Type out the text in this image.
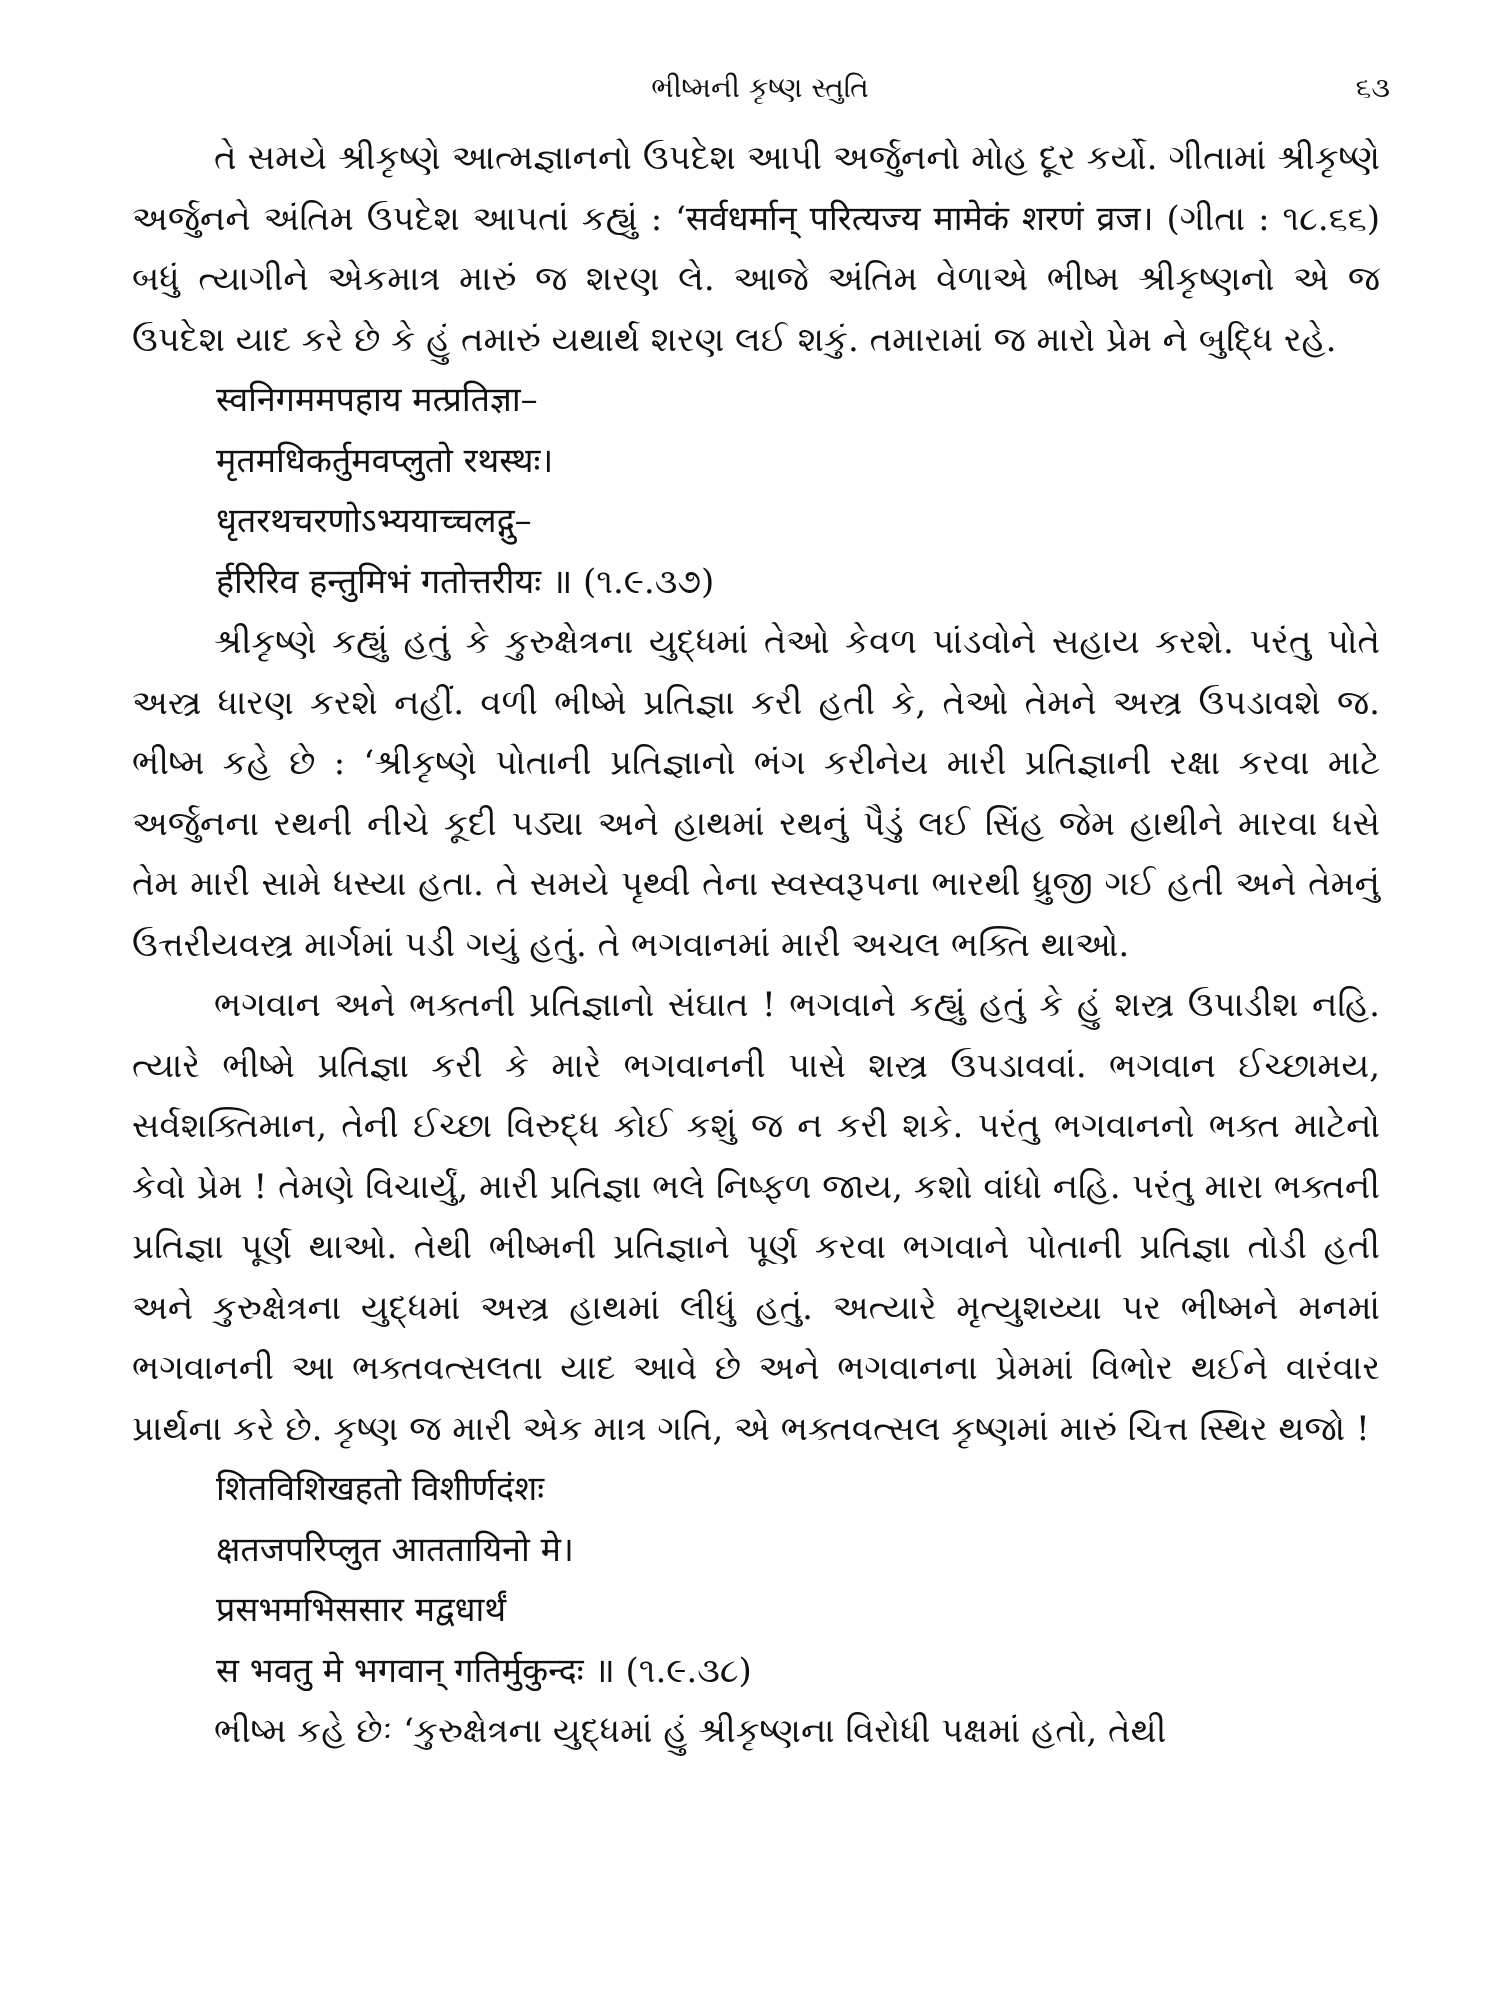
ભીષ્મની કૃષ્ણ સ્તુતિ	૬૩

તે સમયે શ્રીકૃષ્ણે આત્મજ્ઞાનનો ઉપદેશ આપી અર્જુનનો મોહ દૂર કર્યો. ગીતામાં શ્રીકૃષ્ણે અર્જુનને અંતિમ ઉપદેશ આપતાં કહ્યું : ‘सर्वधर्मान् परित्यज्य मामेकं शरणं व्रज। (ગીતા : ૧૮.૬૬) બધું ત્યાગીને એકમાત્ર મારું જ શરણ લે. આજે અંતિમ વેળાએ ભીષ્મ શ્રીકૃષ્ણનો એ જ ઉપદેશ યાદ કરે છે કે હું તમારું યથાર્થ શરણ લઈ શકું. તમારામાં જ મારો પ્રેમ ને બુદ્ધિ રહે.

स्वनिगममपहाय मत्प्रतिज्ञा–
मृतमधिकर्तुमवप्लुतो रथस्थः।
धृतरथचरणोऽभ्ययाच्चलद्गु–
र्हरिरिव हन्तुमिभं गतोत्तरीयः ॥ (૧.૯.૩૭)

શ્રીકૃષ્ણે કહ્યું હતું કે કુરુક્ષેત્રના યુદ્ધમાં તેઓ કેવળ પાંડવોને સહાય કરશે. પરંતુ પોતે અસ્ત્ર ધારણ કરશે નહીં. વળી ભીષ્મે પ્રતિજ્ઞા કરી હતી કે, તેઓ તેમને અસ્ત્ર ઉપડાવશે જ. ભીષ્મ કહે છે : ‘શ્રીકૃષ્ણે પોતાની પ્રતિજ્ઞાનો ભંગ કરીનેય મારી પ્રતિજ્ઞાની રક્ષા કરવા માટે અર્જુનના રથની નીચે કૂદી પડ્યા અને હાથમાં રથનું પૈડું લઈ સિંહ જેમ હાથીને મારવા ધસે તેમ મારી સામે ધસ્યા હતા. તે સમયે પૃથ્વી તેના સ્વસ્વરૂપના ભારથી ધ્રુજી ગઈ હતી અને તેમનું ઉત્તરીયવસ્ત્ર માર્ગમાં પડી ગયું હતું. તે ભગવાનમાં મારી અચલ ભક્તિ થાઓ.

ભગવાન અને ભક્તની પ્રતિજ્ઞાનો સંઘાત ! ભગવાને કહ્યું હતું કે હું શસ્ત્ર ઉપાડીશ નહિ. ત્યારે ભીષ્મે પ્રતિજ્ઞા કરી કે મારે ભગવાનની પાસે શસ્ત્ર ઉપડાવવાં. ભગવાન ઈચ્છામય, સર્વશક્તિમાન, તેની ઈચ્છા વિરુદ્ધ કોઈ કશું જ ન કરી શકે. પરંતુ ભગવાનનો ભક્ત માટેનો કેવો પ્રેમ ! તેમણે વિચાર્યું, મારી પ્રતિજ્ઞા ભલે નિષ્ફળ જાય, કશો વાંધો નહિ. પરંતુ મારા ભક્તની પ્રતિજ્ઞા પૂર્ણ થાઓ. તેથી ભીષ્મની પ્રતિજ્ઞાને પૂર્ણ કરવા ભગવાને પોતાની પ્રતિજ્ઞા તોડી હતી અને કુરુક્ષેત્રના યુદ્ધમાં અસ્ત્ર હાથમાં લીધું હતું. અત્યારે મૃત્યુશય્યા પર ભીષ્મને મનમાં ભગવાનની આ ભક્તવત્સલતા યાદ આવે છે અને ભગવાનના પ્રેમમાં વિભોર થઈને વારંવાર પ્રાર્થના કરે છે. કૃષ્ણ જ મારી એક માત્ર ગતિ, એ ભક્તવત્સલ કૃષ્ણમાં મારું ચિત્ત સ્થિર થજો !

शितविशिखहतो विशीर्णदंशः
क्षतजपरिप्लुत आततायिनो मे।
प्रसभमभिससार मद्वधार्थं
स भवतु मे भगवान् गतिर्मुकुन्दः ॥ (૧.૯.૩૮)

ભીષ્મ કહે છેઃ ‘કુરુક્ષેત્રના યુદ્ધમાં હું શ્રીકૃષ્ણના વિરોધી પક્ષમાં હતો, તેથી
